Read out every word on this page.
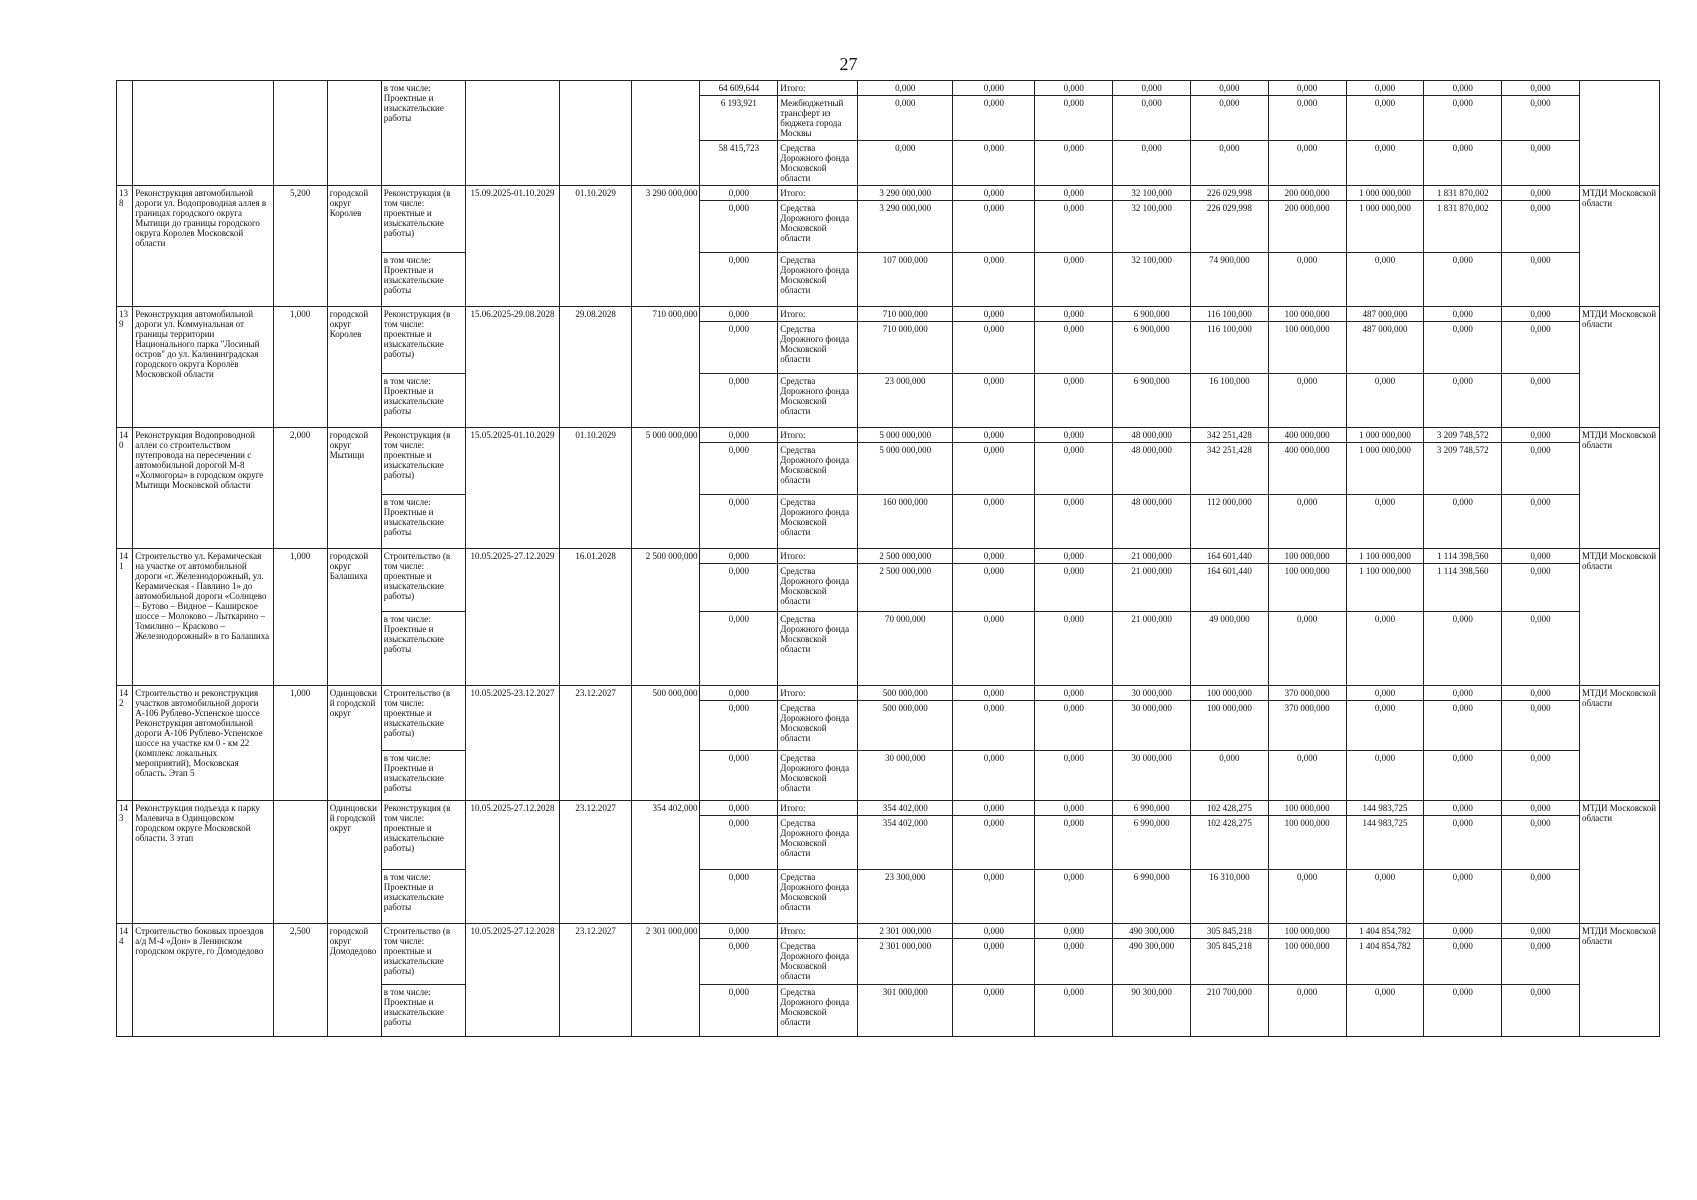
27
				в том числе: Проектные и изыскательские работы				64 609,644	Итого:	0,000	0,000	0,000	0,000	0,000	0,000	0,000	0,000	0,000	
								6 193,921	Межбюджетный трансферт из бюджета города Москвы	0,000	0,000	0,000	0,000	0,000	0,000	0,000	0,000	0,000	
								58 415,723	Средства Дорожного фонда Московской области	0,000	0,000	0,000	0,000	0,000	0,000	0,000	0,000	0,000	
138	Реконструкция автомобильной дороги ул. Водопроводная аллея в границах городского округа Мытищи до границы городского округа Королев Московской области	5,200	городской округ Королев	Реконструкция (в том числе: проектные и изыскательские работы)	15.09.2025-01.10.2029	01.10.2029	3 290 000,000	0,000	Итого:	3 290 000,000	0,000	0,000	32 100,000	226 029,998	200 000,000	1 000 000,000	1 831 870,002	0,000	МТДИ Московской области
								0,000	Средства Дорожного фонда Московской области	3 290 000,000	0,000	0,000	32 100,000	226 029,998	200 000,000	1 000 000,000	1 831 870,002	0,000	
				в том числе: Проектные и изыскательские работы				0,000	Средства Дорожного фонда Московской области	107 000,000	0,000	0,000	32 100,000	74 900,000	0,000	0,000	0,000	0,000	
139	Реконструкция автомобильной дороги ул. Коммунальная от границы территории Национального парка "Лосиный остров" до ул. Калининградская городского округа Королёв Московской области	1,000	городской округ Королев	Реконструкция (в том числе: проектные и изыскательские работы)	15.06.2025-29.08.2028	29.08.2028	710 000,000	0,000	Итого:	710 000,000	0,000	0,000	6 900,000	116 100,000	100 000,000	487 000,000	0,000	0,000	МТДИ Московской области
								0,000	Средства Дорожного фонда Московской области	710 000,000	0,000	0,000	6 900,000	116 100,000	100 000,000	487 000,000	0,000	0,000	
				в том числе: Проектные и изыскательские работы				0,000	Средства Дорожного фонда Московской области	23 000,000	0,000	0,000	6 900,000	16 100,000	0,000	0,000	0,000	0,000	
140	Реконструкция Водопроводной аллеи со строительством путепровода на пересечении с автомобильной дорогой М-8 «Холмогоры» в городском округе Мытищи Московской области	2,000	городской округ Мытищи	Реконструкция (в том числе: проектные и изыскательские работы)	15.05.2025-01.10.2029	01.10.2029	5 000 000,000	0,000	Итого:	5 000 000,000	0,000	0,000	48 000,000	342 251,428	400 000,000	1 000 000,000	3 209 748,572	0,000	МТДИ Московской области
								0,000	Средства Дорожного фонда Московской области	5 000 000,000	0,000	0,000	48 000,000	342 251,428	400 000,000	1 000 000,000	3 209 748,572	0,000	
				в том числе: Проектные и изыскательские работы				0,000	Средства Дорожного фонда Московской области	160 000,000	0,000	0,000	48 000,000	112 000,000	0,000	0,000	0,000	0,000	
141	Строительство ул. Керамическая на участке от автомобильной дороги «г. Железнодорожный, ул. Керамическая - Павлино 1» до автомобильной дороги «Солнцево – Бутово – Видное – Каширское шоссе – Молоково – Лыткарино – Томилино – Красково – Железнодорожный» в го Балашиха	1,000	городской округ Балашиха	Строительство (в том числе: проектные и изыскательские работы)	10.05.2025-27.12.2029	16.01.2028	2 500 000,000	0,000	Итого:	2 500 000,000	0,000	0,000	21 000,000	164 601,440	100 000,000	1 100 000,000	1 114 398,560	0,000	МТДИ Московской области
								0,000	Средства Дорожного фонда Московской области	2 500 000,000	0,000	0,000	21 000,000	164 601,440	100 000,000	1 100 000,000	1 114 398,560	0,000	
				в том числе: Проектные и изыскательские работы				0,000	Средства Дорожного фонда Московской области	70 000,000	0,000	0,000	21 000,000	49 000,000	0,000	0,000	0,000	0,000	
142	Строительство и реконструкция участков автомобильной дороги А-106 Рублево-Успенское шоссе Реконструкция автомобильной дороги А-106 Рублево-Успенское шоссе на участке км 0 - км 22 (комплекс локальных мероприятий), Московская область. Этап 5	1,000	Одинцовский городской округ	Строительство (в том числе: проектные и изыскательские работы)	10.05.2025-23.12.2027	23.12.2027	500 000,000	0,000	Итого:	500 000,000	0,000	0,000	30 000,000	100 000,000	370 000,000	0,000	0,000	0,000	МТДИ Московской области
								0,000	Средства Дорожного фонда Московской области	500 000,000	0,000	0,000	30 000,000	100 000,000	370 000,000	0,000	0,000	0,000	
				в том числе: Проектные и изыскательские работы				0,000	Средства Дорожного фонда Московской области	30 000,000	0,000	0,000	30 000,000	0,000	0,000	0,000	0,000	0,000	
143	Реконструкция подъезда к парку Малевича в Одинцовском городском округе Московской области. 3 этап		Одинцовский городской округ	Реконструкция (в том числе: проектные и изыскательские работы)	10.05.2025-27.12.2028	23.12.2027	354 402,000	0,000	Итого:	354 402,000	0,000	0,000	6 990,000	102 428,275	100 000,000	144 983,725	0,000	0,000	МТДИ Московской области
								0,000	Средства Дорожного фонда Московской области	354 402,000	0,000	0,000	6 990,000	102 428,275	100 000,000	144 983,725	0,000	0,000	
				в том числе: Проектные и изыскательские работы				0,000	Средства Дорожного фонда Московской области	23 300,000	0,000	0,000	6 990,000	16 310,000	0,000	0,000	0,000	0,000	
144	Строительство боковых проездов а/д М-4 «Дон» в Ленинском городском округе, го Домодедово	2,500	городской округ Домодедово	Строительство (в том числе: проектные и изыскательские работы)	10.05.2025-27.12.2028	23.12.2027	2 301 000,000	0,000	Итого:	2 301 000,000	0,000	0,000	490 300,000	305 845,218	100 000,000	1 404 854,782	0,000	0,000	МТДИ Московской области
								0,000	Средства Дорожного фонда Московской области	2 301 000,000	0,000	0,000	490 300,000	305 845,218	100 000,000	1 404 854,782	0,000	0,000	
				в том числе: Проектные и изыскательские работы				0,000	Средства Дорожного фонда Московской области	301 000,000	0,000	0,000	90 300,000	210 700,000	0,000	0,000	0,000	0,000	
